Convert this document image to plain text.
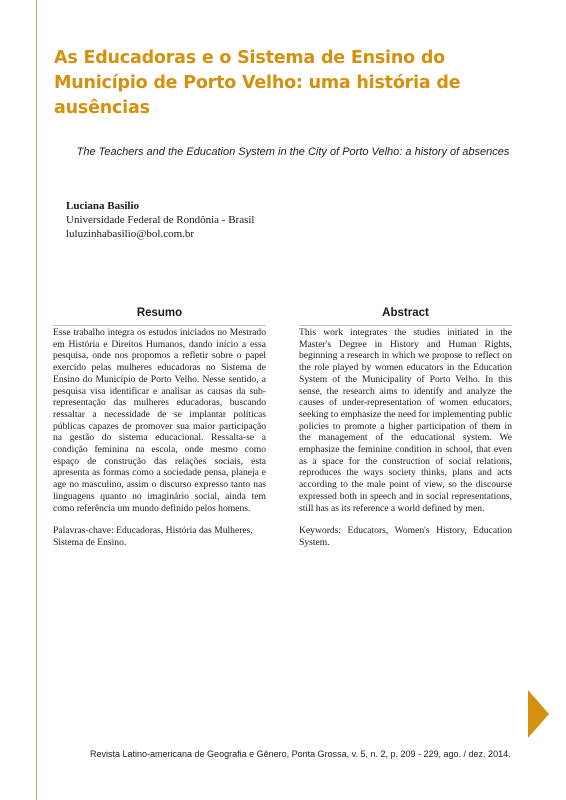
As Educadoras e o Sistema de Ensino do Município de Porto Velho: uma história de ausências

The Teachers and the Education System in the City of Porto Velho: a history of absences

Luciana Basilio
Universidade Federal de Rondônia - Brasil
luluzinhabasilio@bol.com.br
Resumo	Abstract

Esse trabalho integra os estudos iniciados no Mestrado em História e Direitos Humanos, dando início a essa pesquisa, onde nos propomos a refletir sobre o papel exercido pelas mulheres educadoras no Sistema de Ensino do Município de Porto Velho. Nesse sentido, a pesquisa visa identificar e analisar as causas da sub-representação das mulheres educadoras, buscando ressaltar a necessidade de se implantar políticas públicas capazes de promover sua maior participação na gestão do sistema educacional. Ressalta-se a condição feminina na escola, onde mesmo como espaço de construção das relações sociais, esta apresenta as formas como a sociedade pensa, planeja e age no masculino, assim o discurso expresso tanto nas linguagens quanto no imaginário social, ainda tem como referência um mundo definido pelos homens.

Palavras-chave: Educadoras, História das Mulheres, Sistema de Ensino.

This work integrates the studies initiated in the Master's Degree in History and Human Rights, beginning a research in which we propose to reflect on the role played by women educators in the Education System of the Municipality of Porto Velho. In this sense, the research aims to identify and analyze the causes of under-representation of women educators, seeking to emphasize the need for implementing public policies to promote a higher participation of them in the management of the educational system. We emphasize the feminine condition in school, that even as a space for the construction of social relations, reproduces the ways society thinks, plans and acts according to the male point of view, so the discourse expressed both in speech and in social representations, still has as its reference a world defined by men.

Keywords: Educators, Women's History, Education System.

Revista Latino-americana de Geografia e Gênero, Ponta Grossa, v. 5, n. 2, p. 209 - 229, ago. / dez. 2014.
